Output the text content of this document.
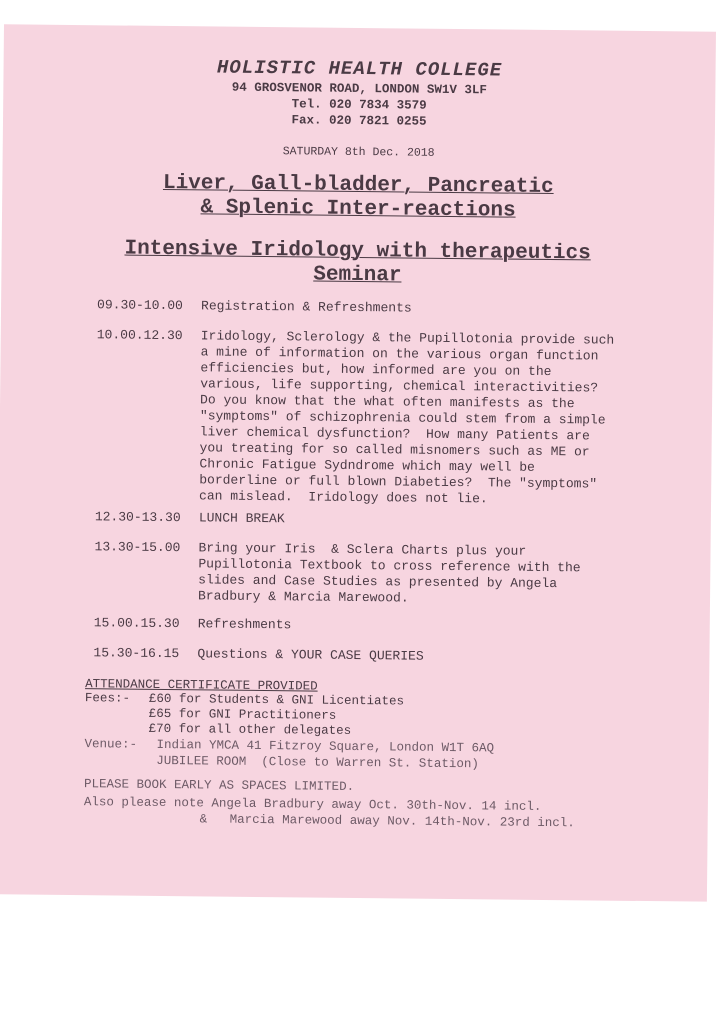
HOLISTIC HEALTH COLLEGE
94 GROSVENOR ROAD, LONDON SW1V 3LF
Tel. 020 7834 3579
Fax. 020 7821 0255
SATURDAY 8th Dec. 2018
Liver, Gall-bladder, Pancreatic
& Splenic Inter-reactions
Intensive Iridology with therapeutics
Seminar
09.30-10.00 Registration & Refreshments
10.00.12.30 Iridology, Sclerology & the Pupillotonia provide such
a mine of information on the various organ function
efficiencies but, how informed are you on the
various, life supporting, chemical interactivities?
Do you know that the what often manifests as the
"symptoms" of schizophrenia could stem from a simple
liver chemical dysfunction?  How many Patients are
you treating for so called misnomers such as ME or
Chronic Fatigue Sydndrome which may well be
borderline or full blown Diabeties?  The "symptoms"
can mislead.  Iridology does not lie.
12.30-13.30 LUNCH BREAK
13.30-15.00 Bring your Iris  & Sclera Charts plus your
Pupillotonia Textbook to cross reference with the
slides and Case Studies as presented by Angela
Bradbury & Marcia Marewood.
15.00.15.30 Refreshments
15.30-16.15 Questions & YOUR CASE QUERIES
ATTENDANCE CERTIFICATE PROVIDED
Fees:- £60 for Students & GNI Licentiates
£65 for GNI Practitioners
£70 for all other delegates
Venue:- Indian YMCA 41 Fitzroy Square, London W1T 6AQ
JUBILEE ROOM  (Close to Warren St. Station)
PLEASE BOOK EARLY AS SPACES LIMITED.
Also please note Angela Bradbury away Oct. 30th-Nov. 14 incl.
&   Marcia Marewood away Nov. 14th-Nov. 23rd incl.
